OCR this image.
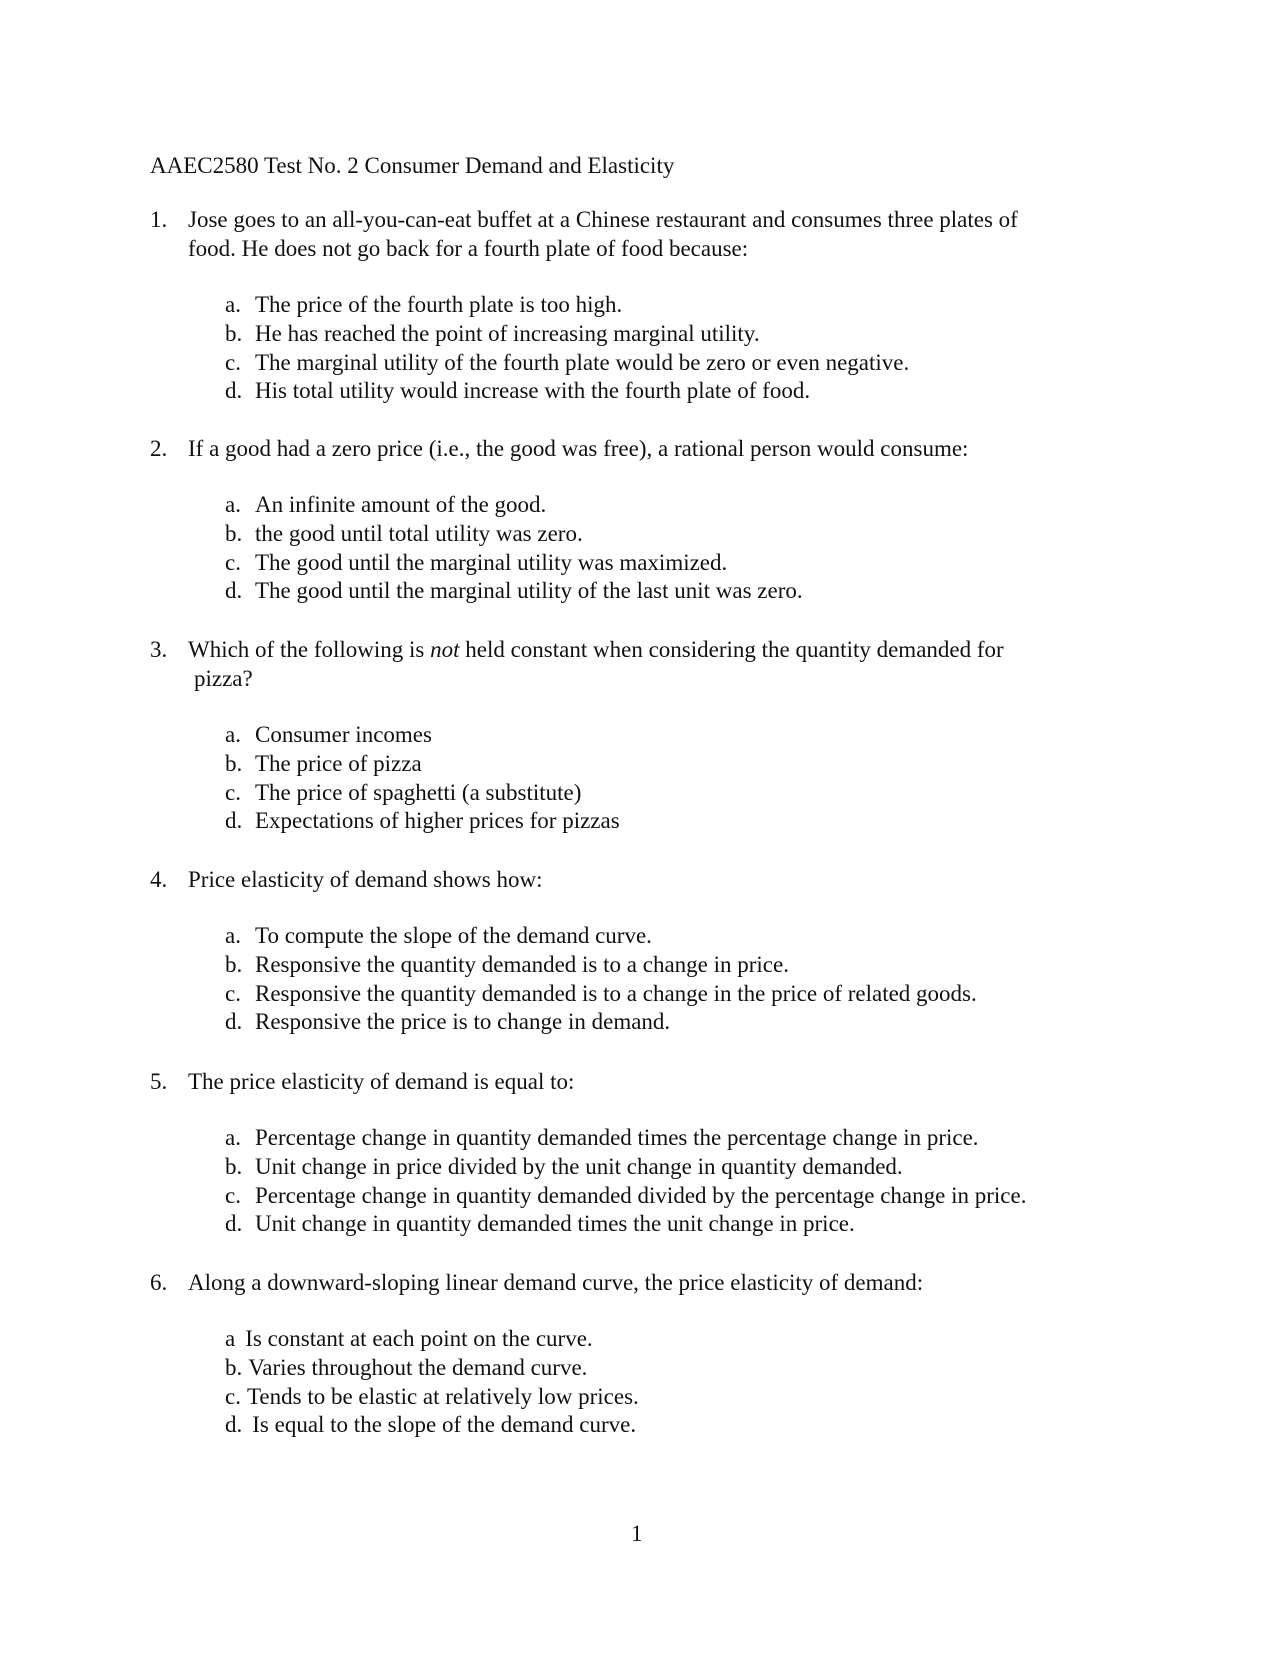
AAEC2580 Test No. 2 Consumer Demand and Elasticity
1. Jose goes to an all-you-can-eat buffet at a Chinese restaurant and consumes three plates of
food. He does not go back for a fourth plate of food because:
a. The price of the fourth plate is too high.
b. He has reached the point of increasing marginal utility.
c. The marginal utility of the fourth plate would be zero or even negative.
d. His total utility would increase with the fourth plate of food.
2. If a good had a zero price (i.e., the good was free), a rational person would consume:
a. An infinite amount of the good.
b. the good until total utility was zero.
c. The good until the marginal utility was maximized.
d. The good until the marginal utility of the last unit was zero.
3. Which of the following is not held constant when considering the quantity demanded for
pizza?
a. Consumer incomes
b. The price of pizza
c. The price of spaghetti (a substitute)
d. Expectations of higher prices for pizzas
4. Price elasticity of demand shows how:
a. To compute the slope of the demand curve.
b. Responsive the quantity demanded is to a change in price.
c. Responsive the quantity demanded is to a change in the price of related goods.
d. Responsive the price is to change in demand.
5. The price elasticity of demand is equal to:
a. Percentage change in quantity demanded times the percentage change in price.
b. Unit change in price divided by the unit change in quantity demanded.
c. Percentage change in quantity demanded divided by the percentage change in price.
d. Unit change in quantity demanded times the unit change in price.
6. Along a downward-sloping linear demand curve, the price elasticity of demand:
a Is constant at each point on the curve.
b. Varies throughout the demand curve.
c. Tends to be elastic at relatively low prices.
d. Is equal to the slope of the demand curve.
1
